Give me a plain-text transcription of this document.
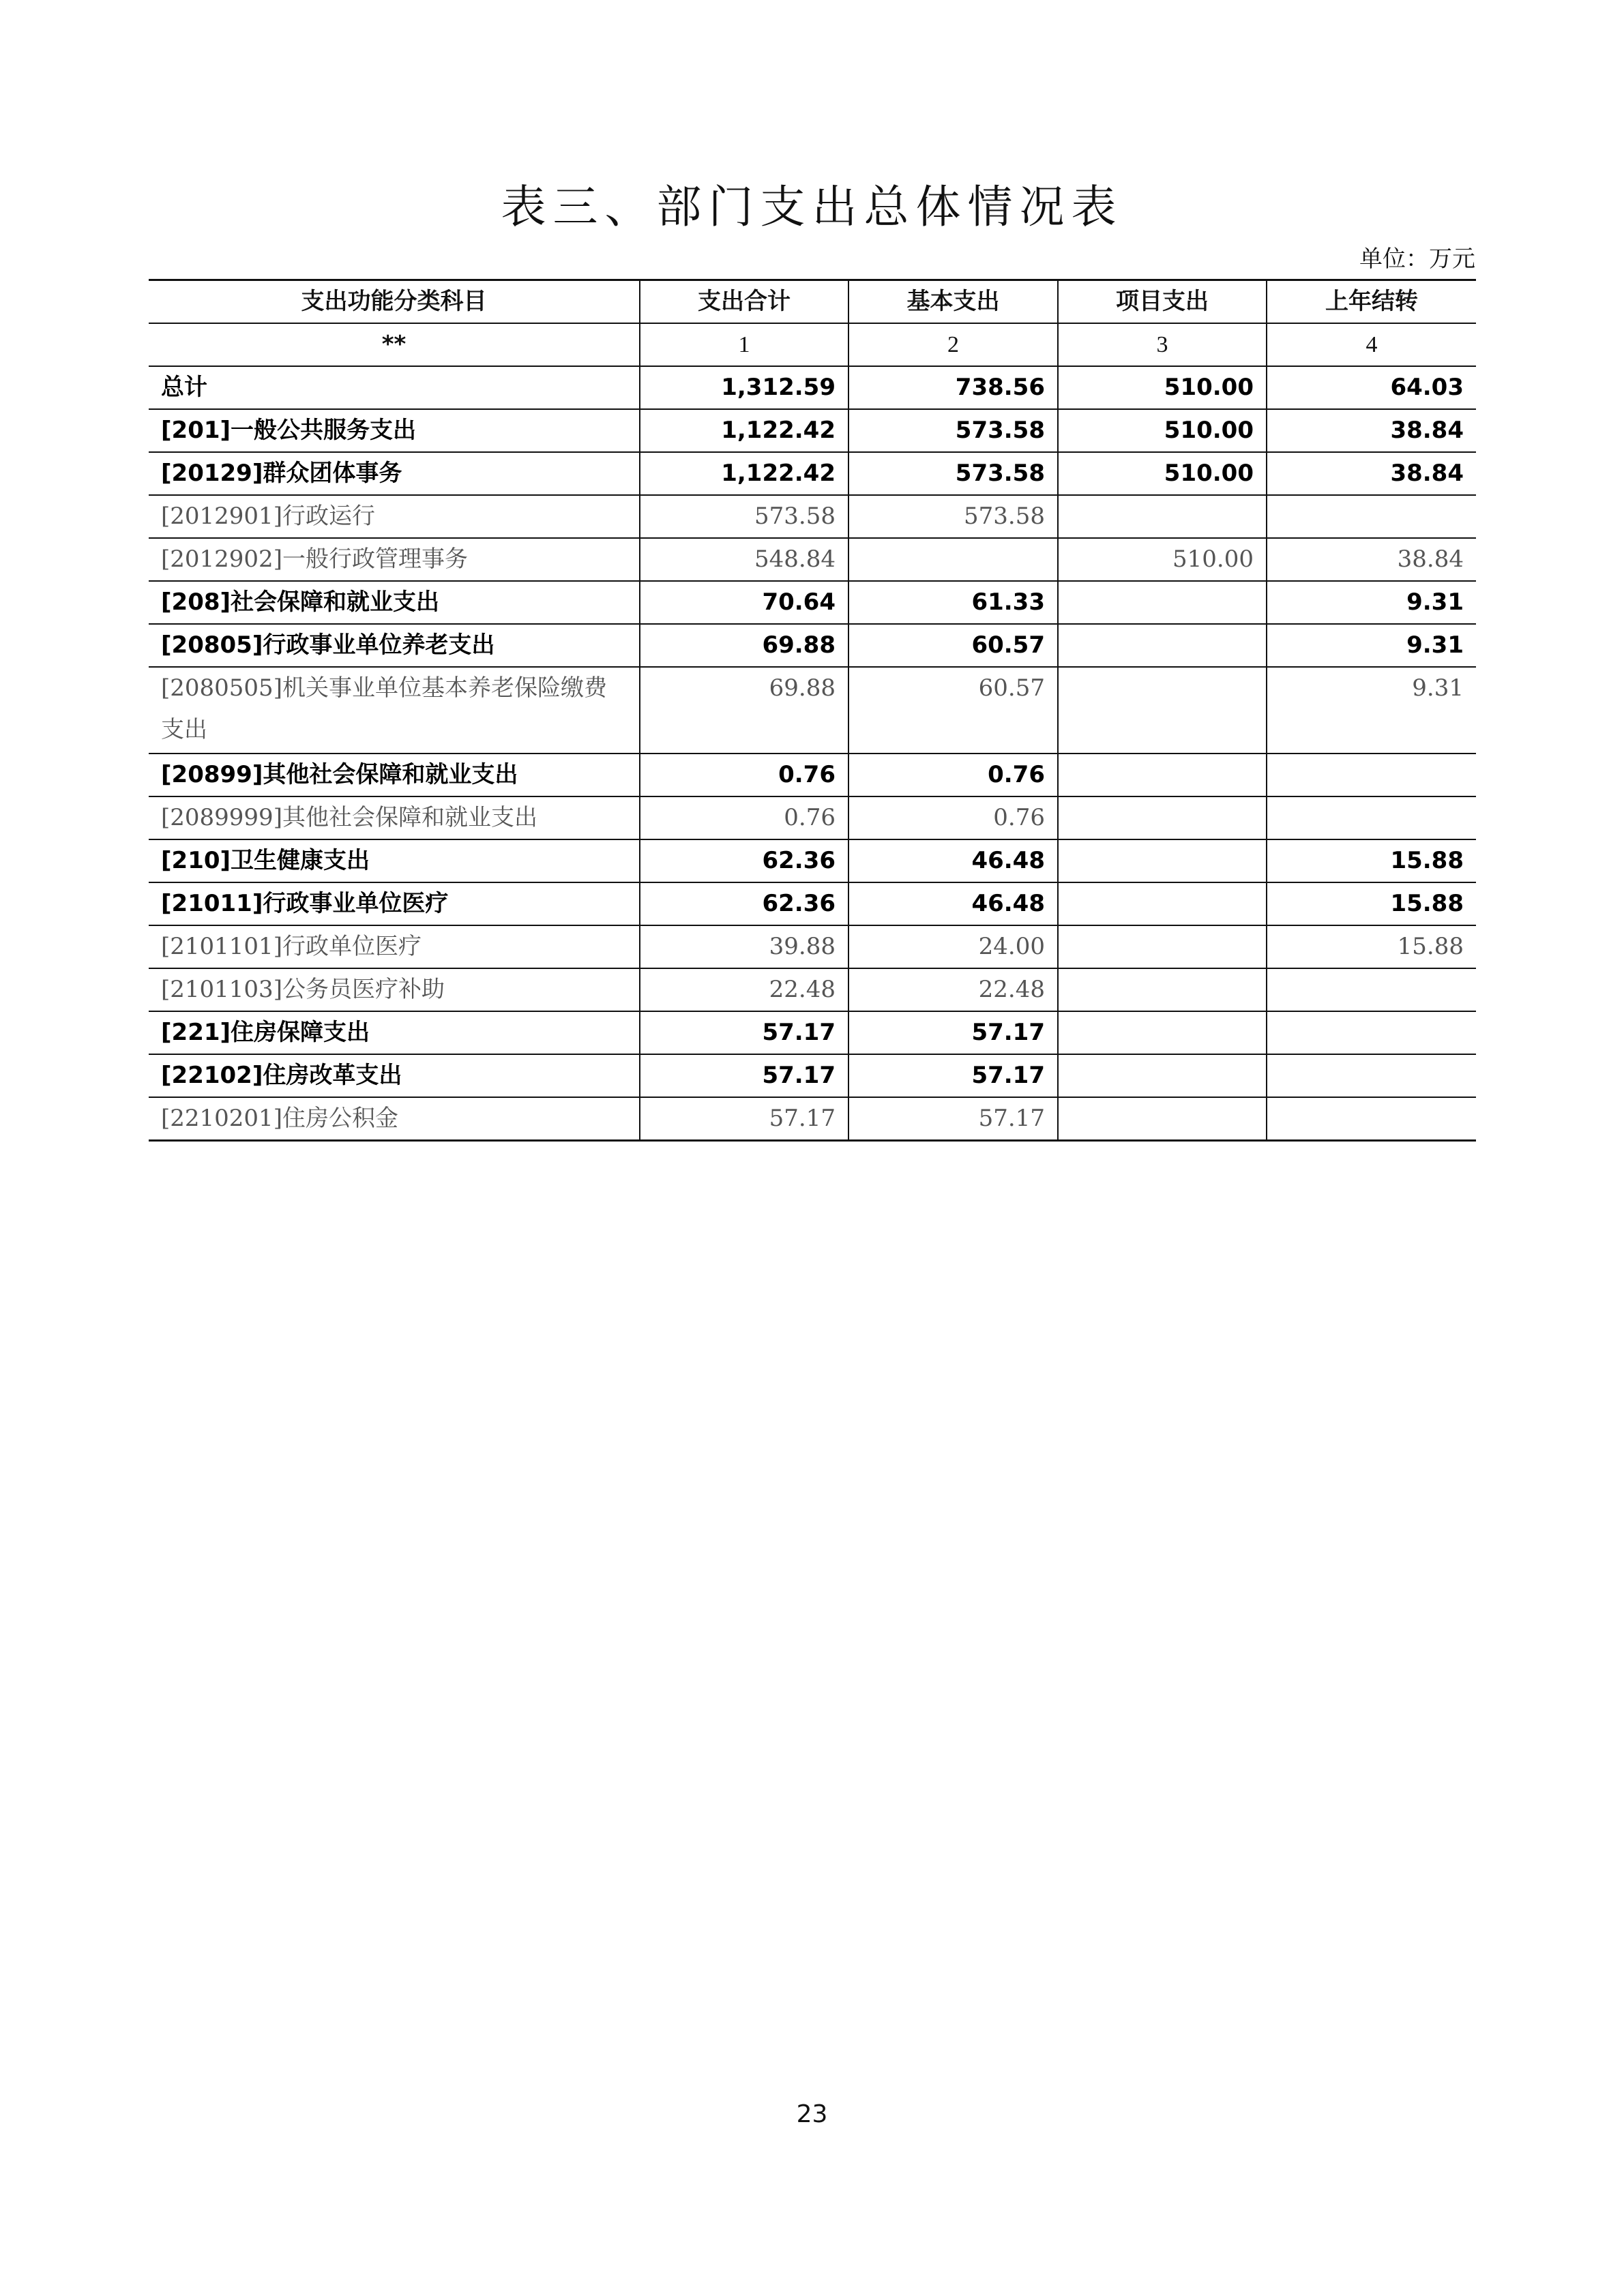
表三、部门支出总体情况表
单位：万元
支出功能分类科目	支出合计	基本支出	项目支出	上年结转
**	1	2	3	4
总计	1,312.59	738.56	510.00	64.03
[201]一般公共服务支出	1,122.42	573.58	510.00	38.84
[20129]群众团体事务	1,122.42	573.58	510.00	38.84
[2012901]行政运行	573.58	573.58		
[2012902]一般行政管理事务	548.84		510.00	38.84
[208]社会保障和就业支出	70.64	61.33		9.31
[20805]行政事业单位养老支出	69.88	60.57		9.31
[2080505]机关事业单位基本养老保险缴费支出	69.88	60.57		9.31
[20899]其他社会保障和就业支出	0.76	0.76		
[2089999]其他社会保障和就业支出	0.76	0.76		
[210]卫生健康支出	62.36	46.48		15.88
[21011]行政事业单位医疗	62.36	46.48		15.88
[2101101]行政单位医疗	39.88	24.00		15.88
[2101103]公务员医疗补助	22.48	22.48		
[221]住房保障支出	57.17	57.17		
[22102]住房改革支出	57.17	57.17		
[2210201]住房公积金	57.17	57.17		
23
